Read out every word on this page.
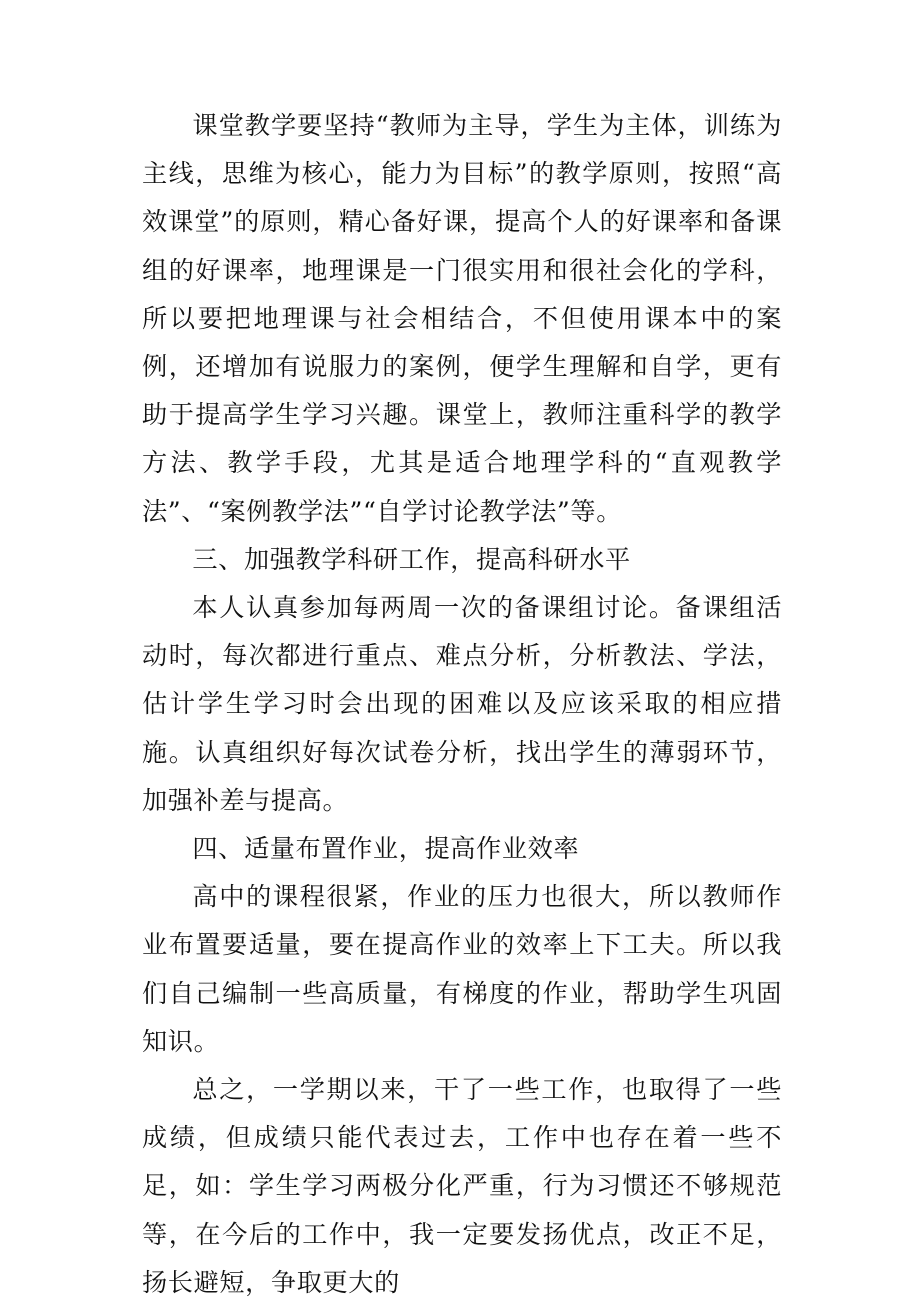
课堂教学要坚持“教师为主导，学生为主体，训练为主线，思维为核心，能力为目标”的教学原则，按照“高效课堂”的原则，精心备好课，提高个人的好课率和备课组的好课率，地理课是一门很实用和很社会化的学科，所以要把地理课与社会相结合，不但使用课本中的案例，还增加有说服力的案例，便学生理解和自学，更有助于提高学生学习兴趣。课堂上，教师注重科学的教学方法、教学手段，尤其是适合地理学科的“直观教学法”、“案例教学法”“自学讨论教学法”等。

三、加强教学科研工作，提高科研水平

本人认真参加每两周一次的备课组讨论。备课组活动时，每次都进行重点、难点分析，分析教法、学法，估计学生学习时会出现的困难以及应该采取的相应措施。认真组织好每次试卷分析，找出学生的薄弱环节，加强补差与提高。

四、适量布置作业，提高作业效率

高中的课程很紧，作业的压力也很大，所以教师作业布置要适量，要在提高作业的效率上下工夫。所以我们自己编制一些高质量，有梯度的作业，帮助学生巩固知识。

总之，一学期以来，干了一些工作，也取得了一些成绩，但成绩只能代表过去，工作中也存在着一些不足，如：学生学习两极分化严重，行为习惯还不够规范等，在今后的工作中，我一定要发扬优点，改正不足，扬长避短，争取更大的
